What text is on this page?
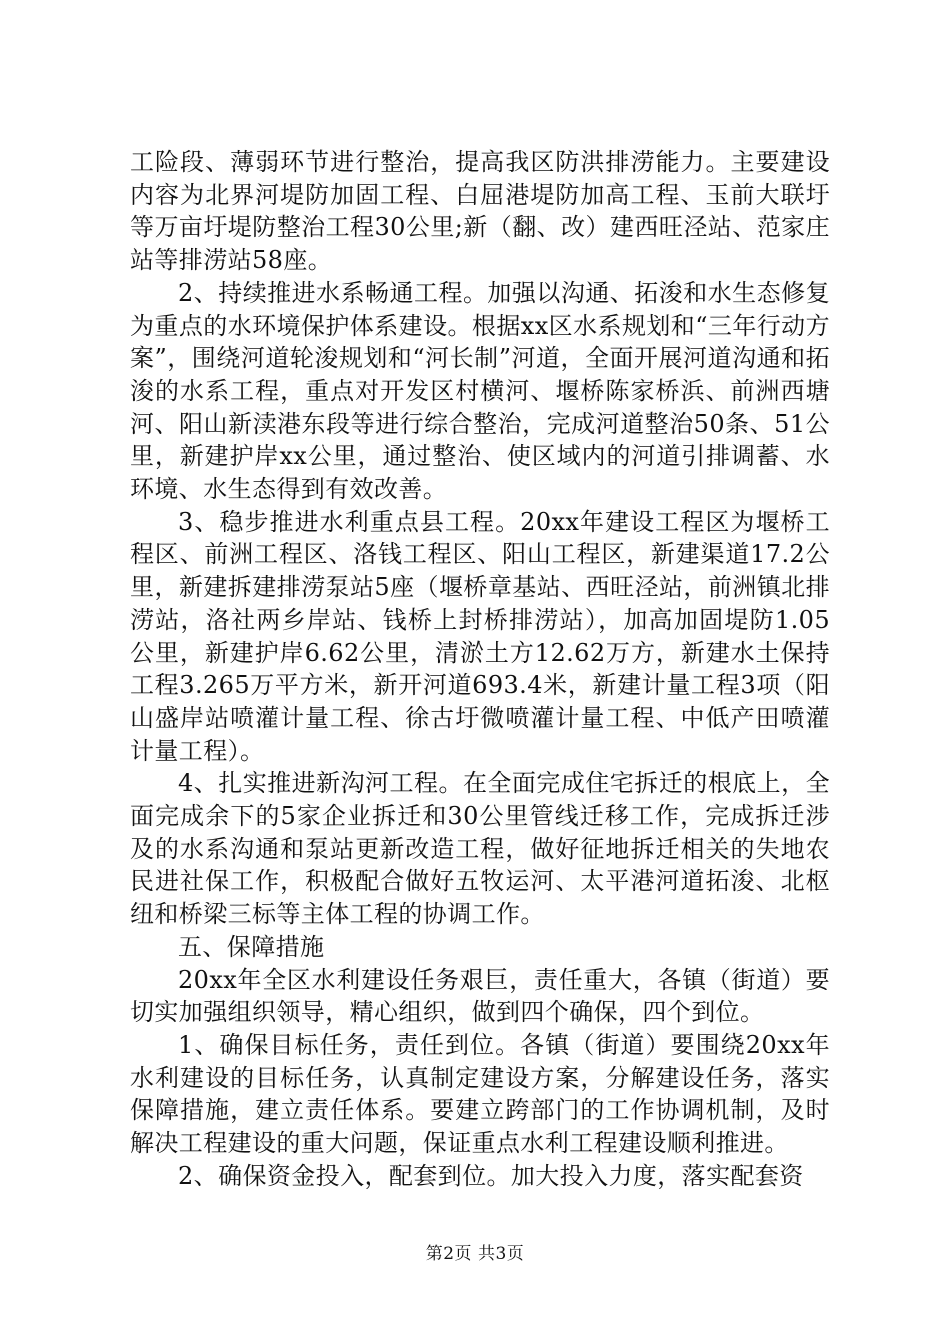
工险段、薄弱环节进行整治，提高我区防洪排涝能力。主要建设内容为北界河堤防加固工程、白屈港堤防加高工程、玉前大联圩等万亩圩堤防整治工程30公里;新（翻、改）建西旺泾站、范家庄站等排涝站58座。

2、持续推进水系畅通工程。加强以沟通、拓浚和水生态修复为重点的水环境保护体系建设。根据xx区水系规划和“三年行动方案”，围绕河道轮浚规划和“河长制”河道，全面开展河道沟通和拓浚的水系工程，重点对开发区村横河、堰桥陈家桥浜、前洲西塘河、阳山新渎港东段等进行综合整治，完成河道整治50条、51公里，新建护岸xx公里，通过整治、使区域内的河道引排调蓄、水环境、水生态得到有效改善。

3、稳步推进水利重点县工程。20xx年建设工程区为堰桥工程区、前洲工程区、洛钱工程区、阳山工程区，新建渠道17.2公里，新建拆建排涝泵站5座（堰桥章基站、西旺泾站，前洲镇北排涝站，洛社两乡岸站、钱桥上封桥排涝站），加高加固堤防1.05公里，新建护岸6.62公里，清淤土方12.62万方，新建水土保持工程3.265万平方米，新开河道693.4米，新建计量工程3项（阳山盛岸站喷灌计量工程、徐古圩微喷灌计量工程、中低产田喷灌计量工程）。

4、扎实推进新沟河工程。在全面完成住宅拆迁的根底上，全面完成余下的5家企业拆迁和30公里管线迁移工作，完成拆迁涉及的水系沟通和泵站更新改造工程，做好征地拆迁相关的失地农民进社保工作，积极配合做好五牧运河、太平港河道拓浚、北枢纽和桥梁三标等主体工程的协调工作。

五、保障措施

20xx年全区水利建设任务艰巨，责任重大，各镇（街道）要切实加强组织领导，精心组织，做到四个确保，四个到位。

1、确保目标任务，责任到位。各镇（街道）要围绕20xx年水利建设的目标任务，认真制定建设方案，分解建设任务，落实保障措施，建立责任体系。要建立跨部门的工作协调机制，及时解决工程建设的重大问题，保证重点水利工程建设顺利推进。

2、确保资金投入，配套到位。加大投入力度，落实配套资

第2页 共3页
